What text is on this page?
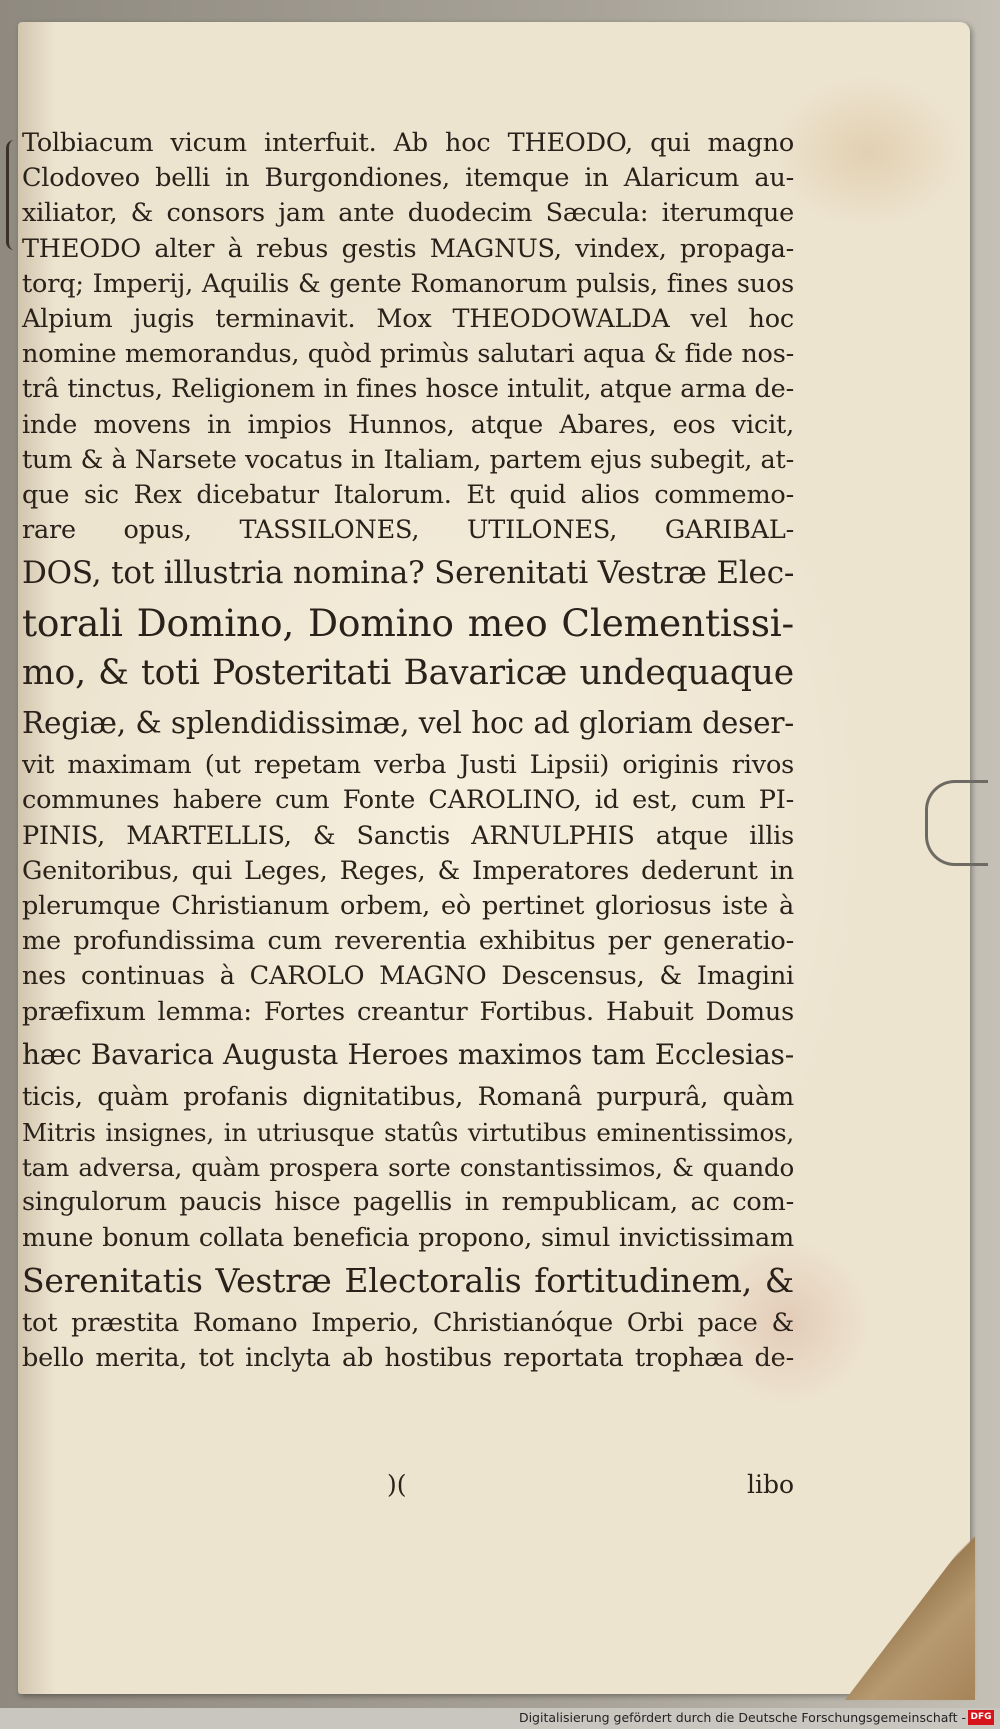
Tolbiacum vicum interfuit. Ab hoc THEODO, qui magno
Clodoveo belli in Burgondiones, itemque in Alaricum au-
xiliator, & consors jam ante duodecim Sæcula: iterumque
THEODO alter à rebus gestis MAGNUS, vindex, propaga-
torq; Imperij, Aquilis & gente Romanorum pulsis, fines suos
Alpium jugis terminavit. Mox THEODOWALDA vel hoc
nomine memorandus, quòd primùs salutari aqua & fide nos-
trâ tinctus, Religionem in fines hosce intulit, atque arma de-
inde movens in impios Hunnos, atque Abares, eos vicit,
tum & à Narsete vocatus in Italiam, partem ejus subegit, at-
que sic Rex dicebatur Italorum. Et quid alios commemo-
rare opus, TASSILONES, UTILONES, GARIBAL-
DOS, tot illustria nomina? Serenitati Vestræ Elec-
torali Domino, Domino meo Clementissi-
mo, & toti Posteritati Bavaricæ undequaque
Regiæ, & splendidissimæ, vel hoc ad gloriam deser-
vit maximam (ut repetam verba Justi Lipsii) originis rivos
communes habere cum Fonte CAROLINO, id est, cum PI-
PINIS, MARTELLIS, & Sanctis ARNULPHIS atque illis
Genitoribus, qui Leges, Reges, & Imperatores dederunt in
plerumque Christianum orbem, eò pertinet gloriosus iste à
me profundissima cum reverentia exhibitus per generatio-
nes continuas à CAROLO MAGNO Descensus, & Imagini
præfixum lemma: Fortes creantur Fortibus. Habuit Domus
hæc Bavarica Augusta Heroes maximos tam Ecclesias-
ticis, quàm profanis dignitatibus, Romanâ purpurâ, quàm
Mitris insignes, in utriusque statûs virtutibus eminentissimos,
tam adversa, quàm prospera sorte constantissimos, & quando
singulorum paucis hisce pagellis in rempublicam, ac com-
mune bonum collata beneficia propono, simul invictissimam
Serenitatis Vestræ Electoralis fortitudinem, &
tot præstita Romano Imperio, Christianóque Orbi pace &
bello merita, tot inclyta ab hostibus reportata trophæa de-
)(	libo
Digitalisierung gefördert durch die Deutsche Forschungsgemeinschaft - DFG
